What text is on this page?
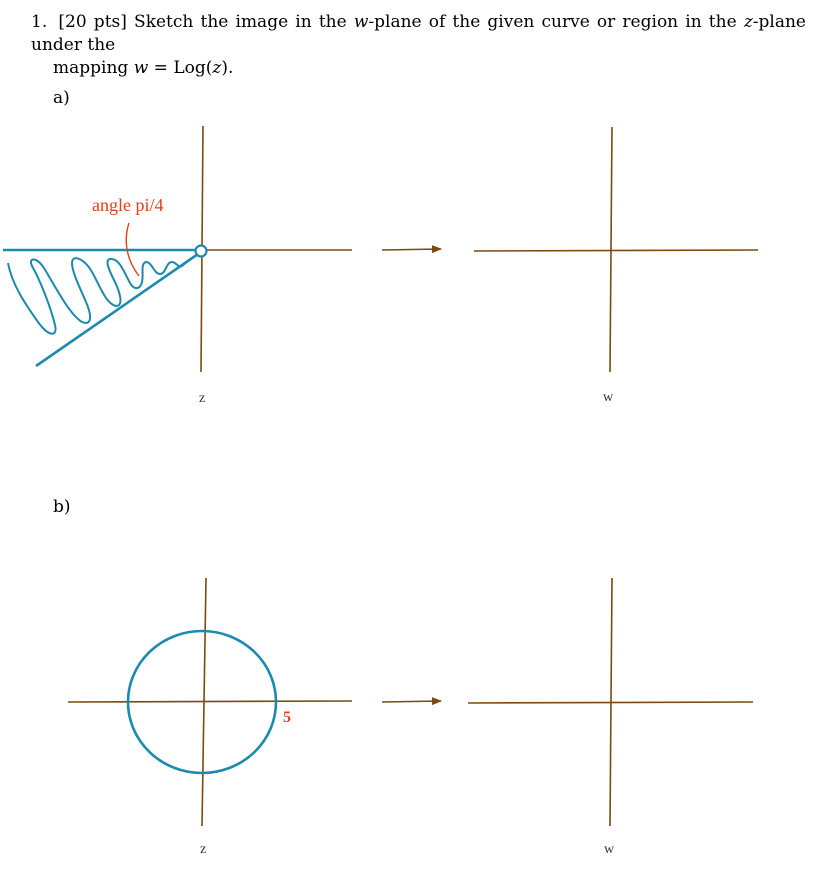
1. [20 pts] Sketch the image in the w-plane of the given curve or region in the z-plane under the
mapping w = Log(z).

a)
b)
angle pi/4
z	w
5
z	w
